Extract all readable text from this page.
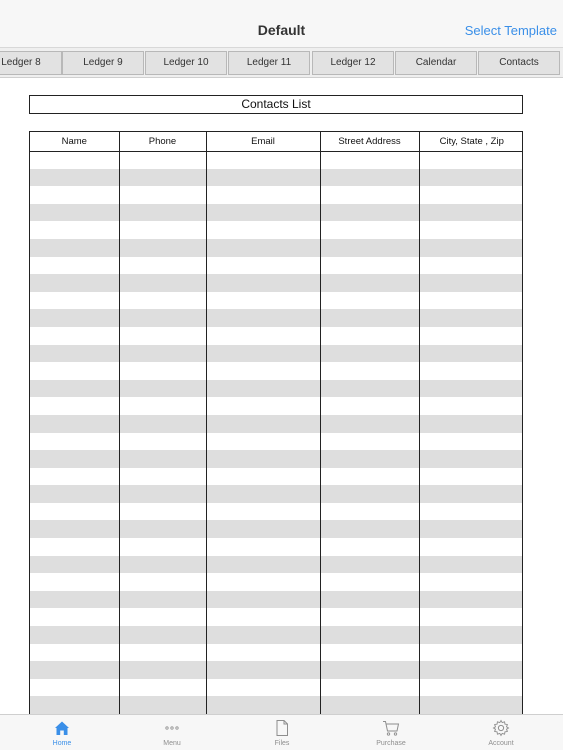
Default	Select Template
Ledger 8	Ledger 9	Ledger 10	Ledger 11	Ledger 12	Calendar	Contacts
Contacts List
Name	Phone	Email	Street Address	City, State , Zip

Home	Menu	Files	Purchase	Account
